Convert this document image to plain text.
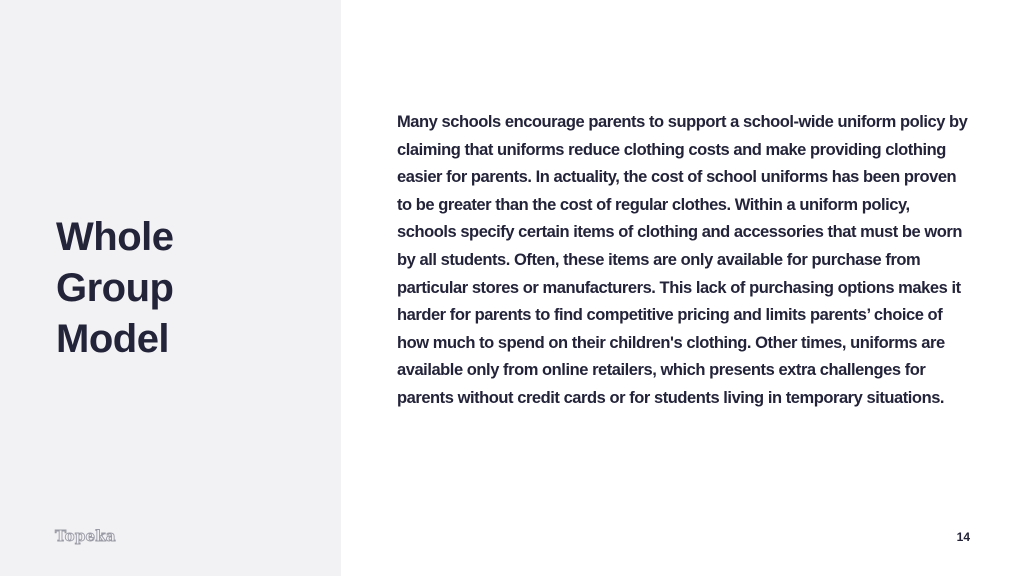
Whole
Group
Model
Topeka

Many schools encourage parents to support a school-wide uniform policy by claiming that uniforms reduce clothing costs and make providing clothing easier for parents. In actuality, the cost of school uniforms has been proven to be greater than the cost of regular clothes. Within a uniform policy, schools specify certain items of clothing and accessories that must be worn by all students. Often, these items are only available for purchase from particular stores or manufacturers. This lack of purchasing options makes it harder for parents to find competitive pricing and limits parents’ choice of how much to spend on their children's clothing. Other times, uniforms are available only from online retailers, which presents extra challenges for parents without credit cards or for students living in temporary situations.

14
